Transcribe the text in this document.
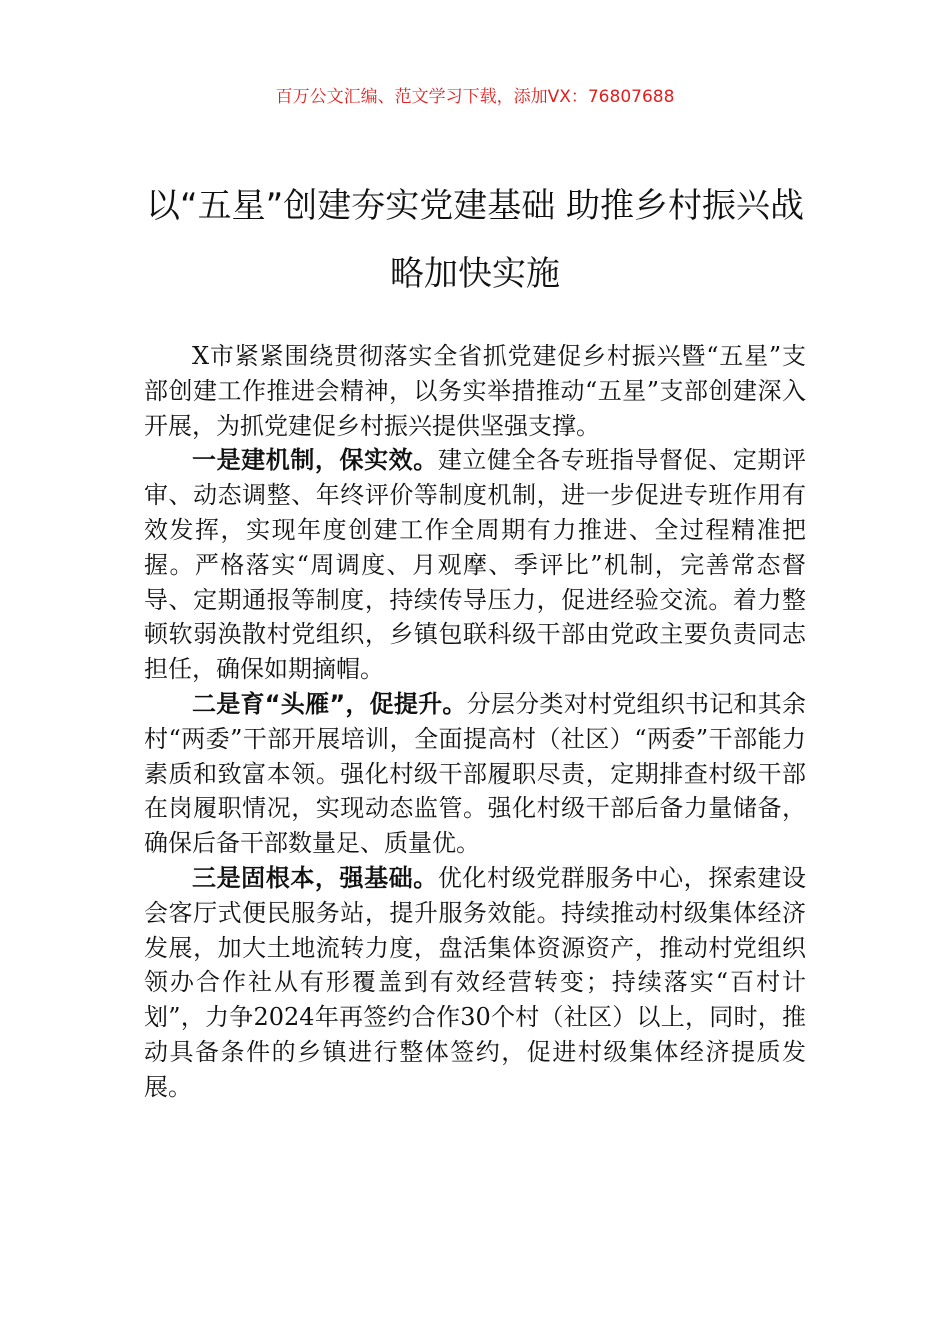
百万公文汇编、范文学习下载，添加VX：76807688
以“五星”创建夯实党建基础 助推乡村振兴战略加快实施

X市紧紧围绕贯彻落实全省抓党建促乡村振兴暨“五星”支部创建工作推进会精神，以务实举措推动“五星”支部创建深入开展，为抓党建促乡村振兴提供坚强支撑。

一是建机制，保实效。建立健全各专班指导督促、定期评审、动态调整、年终评价等制度机制，进一步促进专班作用有效发挥，实现年度创建工作全周期有力推进、全过程精准把握。严格落实“周调度、月观摩、季评比”机制，完善常态督导、定期通报等制度，持续传导压力，促进经验交流。着力整顿软弱涣散村党组织，乡镇包联科级干部由党政主要负责同志担任，确保如期摘帽。

二是育“头雁”，促提升。分层分类对村党组织书记和其余村“两委”干部开展培训，全面提高村（社区）“两委”干部能力素质和致富本领。强化村级干部履职尽责，定期排查村级干部在岗履职情况，实现动态监管。强化村级干部后备力量储备，确保后备干部数量足、质量优。

三是固根本，强基础。优化村级党群服务中心，探索建设会客厅式便民服务站，提升服务效能。持续推动村级集体经济发展，加大土地流转力度，盘活集体资源资产，推动村党组织领办合作社从有形覆盖到有效经营转变；持续落实“百村计划”，力争2024年再签约合作30个村（社区）以上，同时，推动具备条件的乡镇进行整体签约，促进村级集体经济提质发展。
